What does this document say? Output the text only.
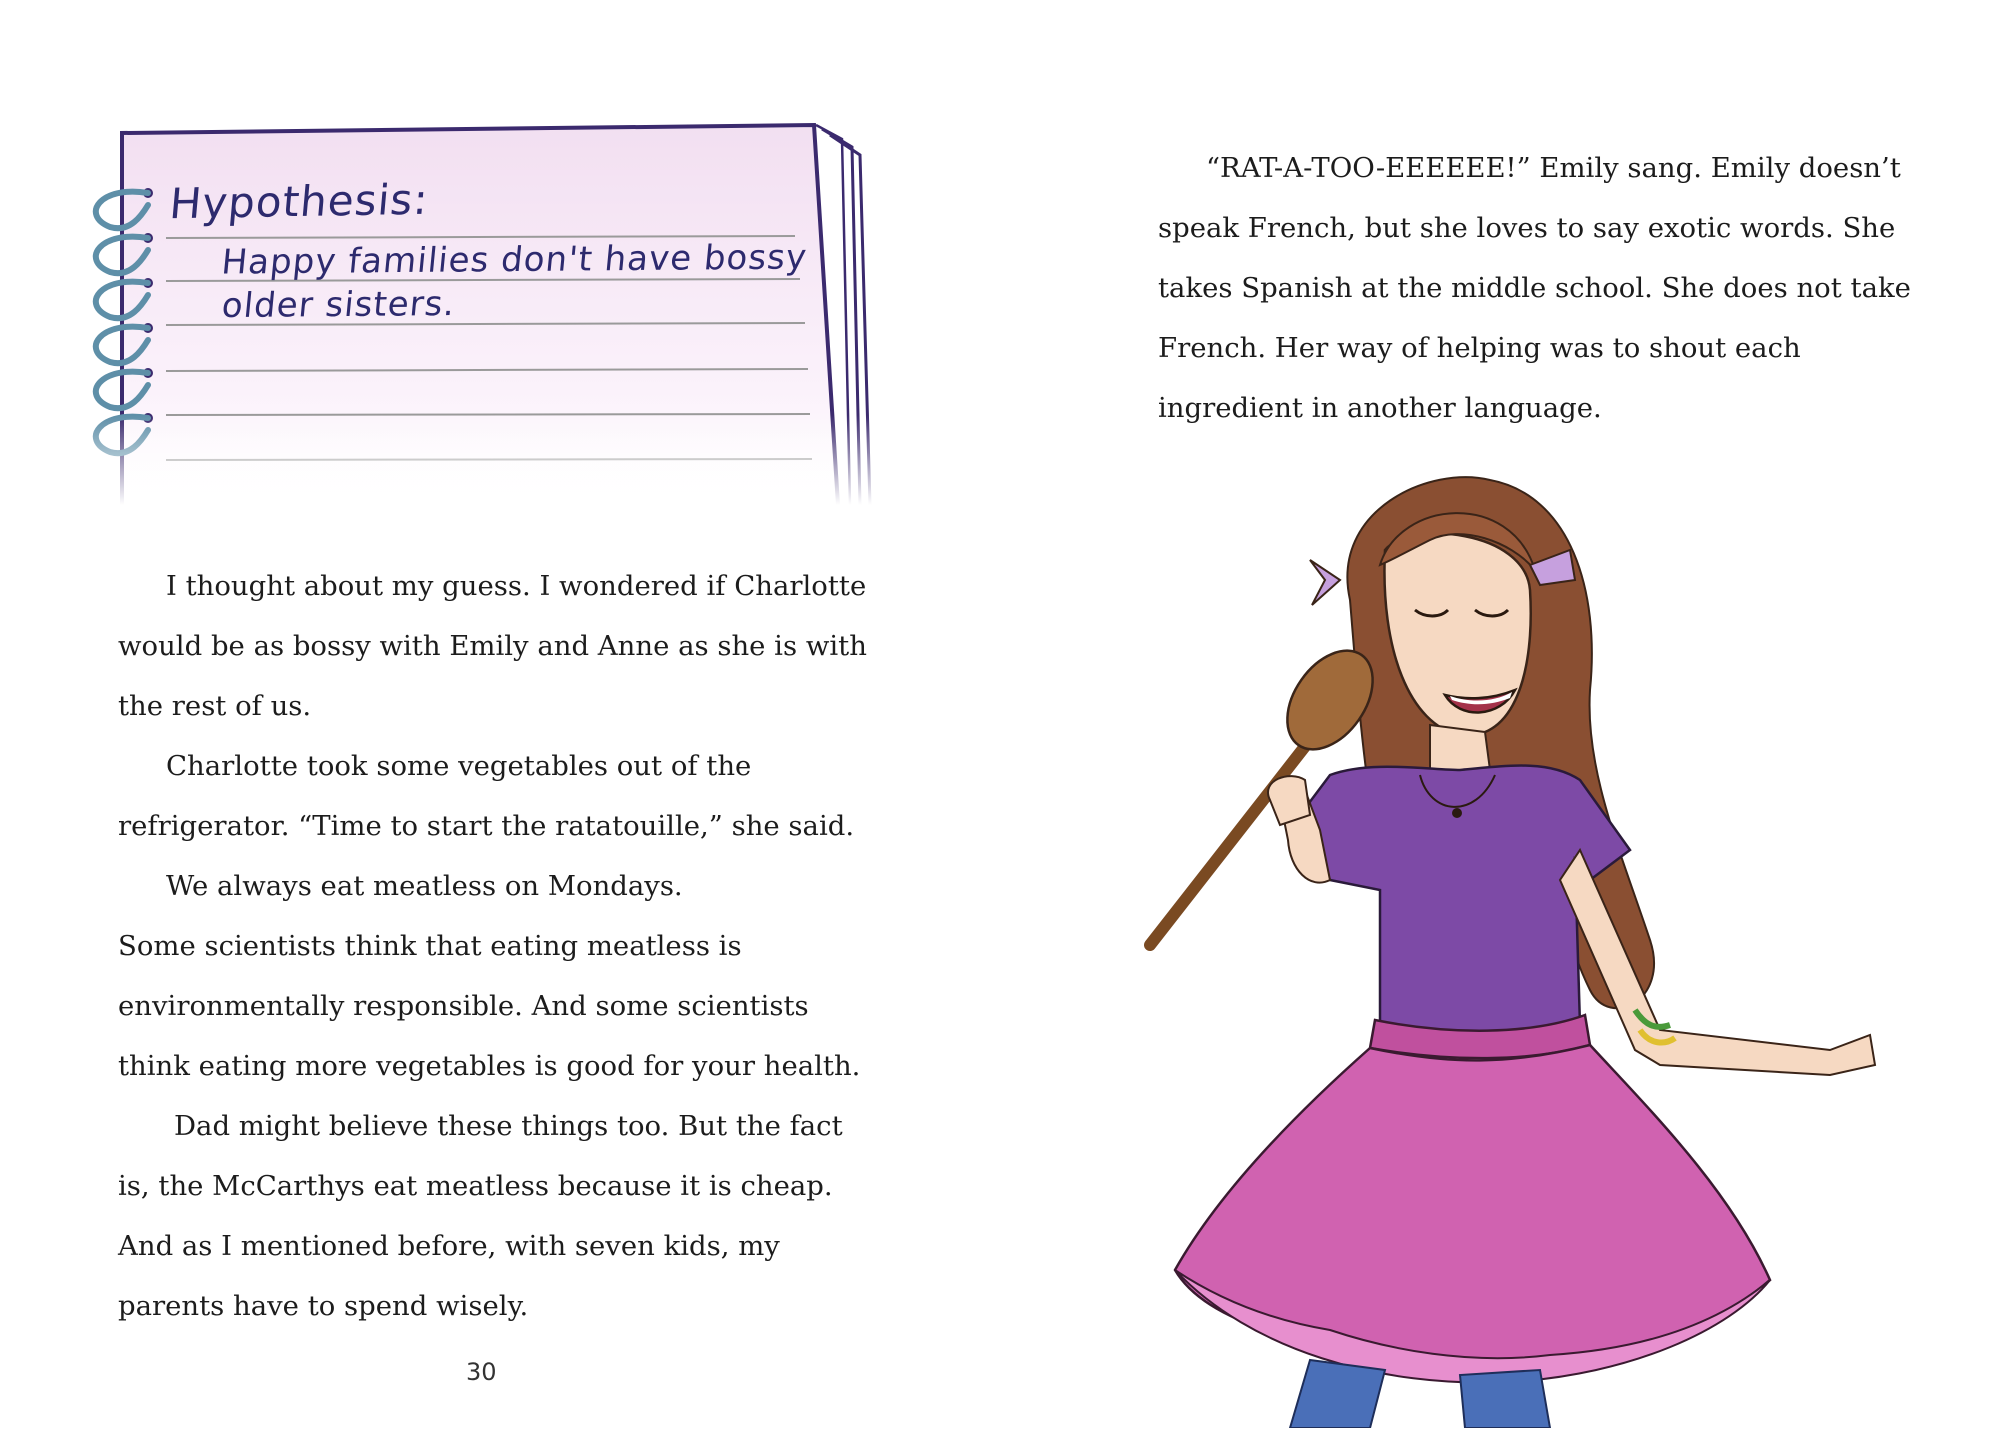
Hypothesis:
Happy families don't have bossy
older sisters.

I thought about my guess. I wondered if Charlotte would be as bossy with Emily and Anne as she is with the rest of us.

Charlotte took some vegetables out of the refrigerator. “Time to start the ratatouille,” she said.

We always eat meatless on Mondays.

Some scientists think that eating meatless is environmentally responsible. And some scientists think eating more vegetables is good for your health.

Dad might believe these things too. But the fact is, the McCarthys eat meatless because it is cheap. And as I mentioned before, with seven kids, my parents have to spend wisely.

30

“RAT-A-TOO-EEEEEE!” Emily sang. Emily doesn’t speak French, but she loves to say exotic words. She takes Spanish at the middle school. She does not take French. Her way of helping was to shout each ingredient in another language.
